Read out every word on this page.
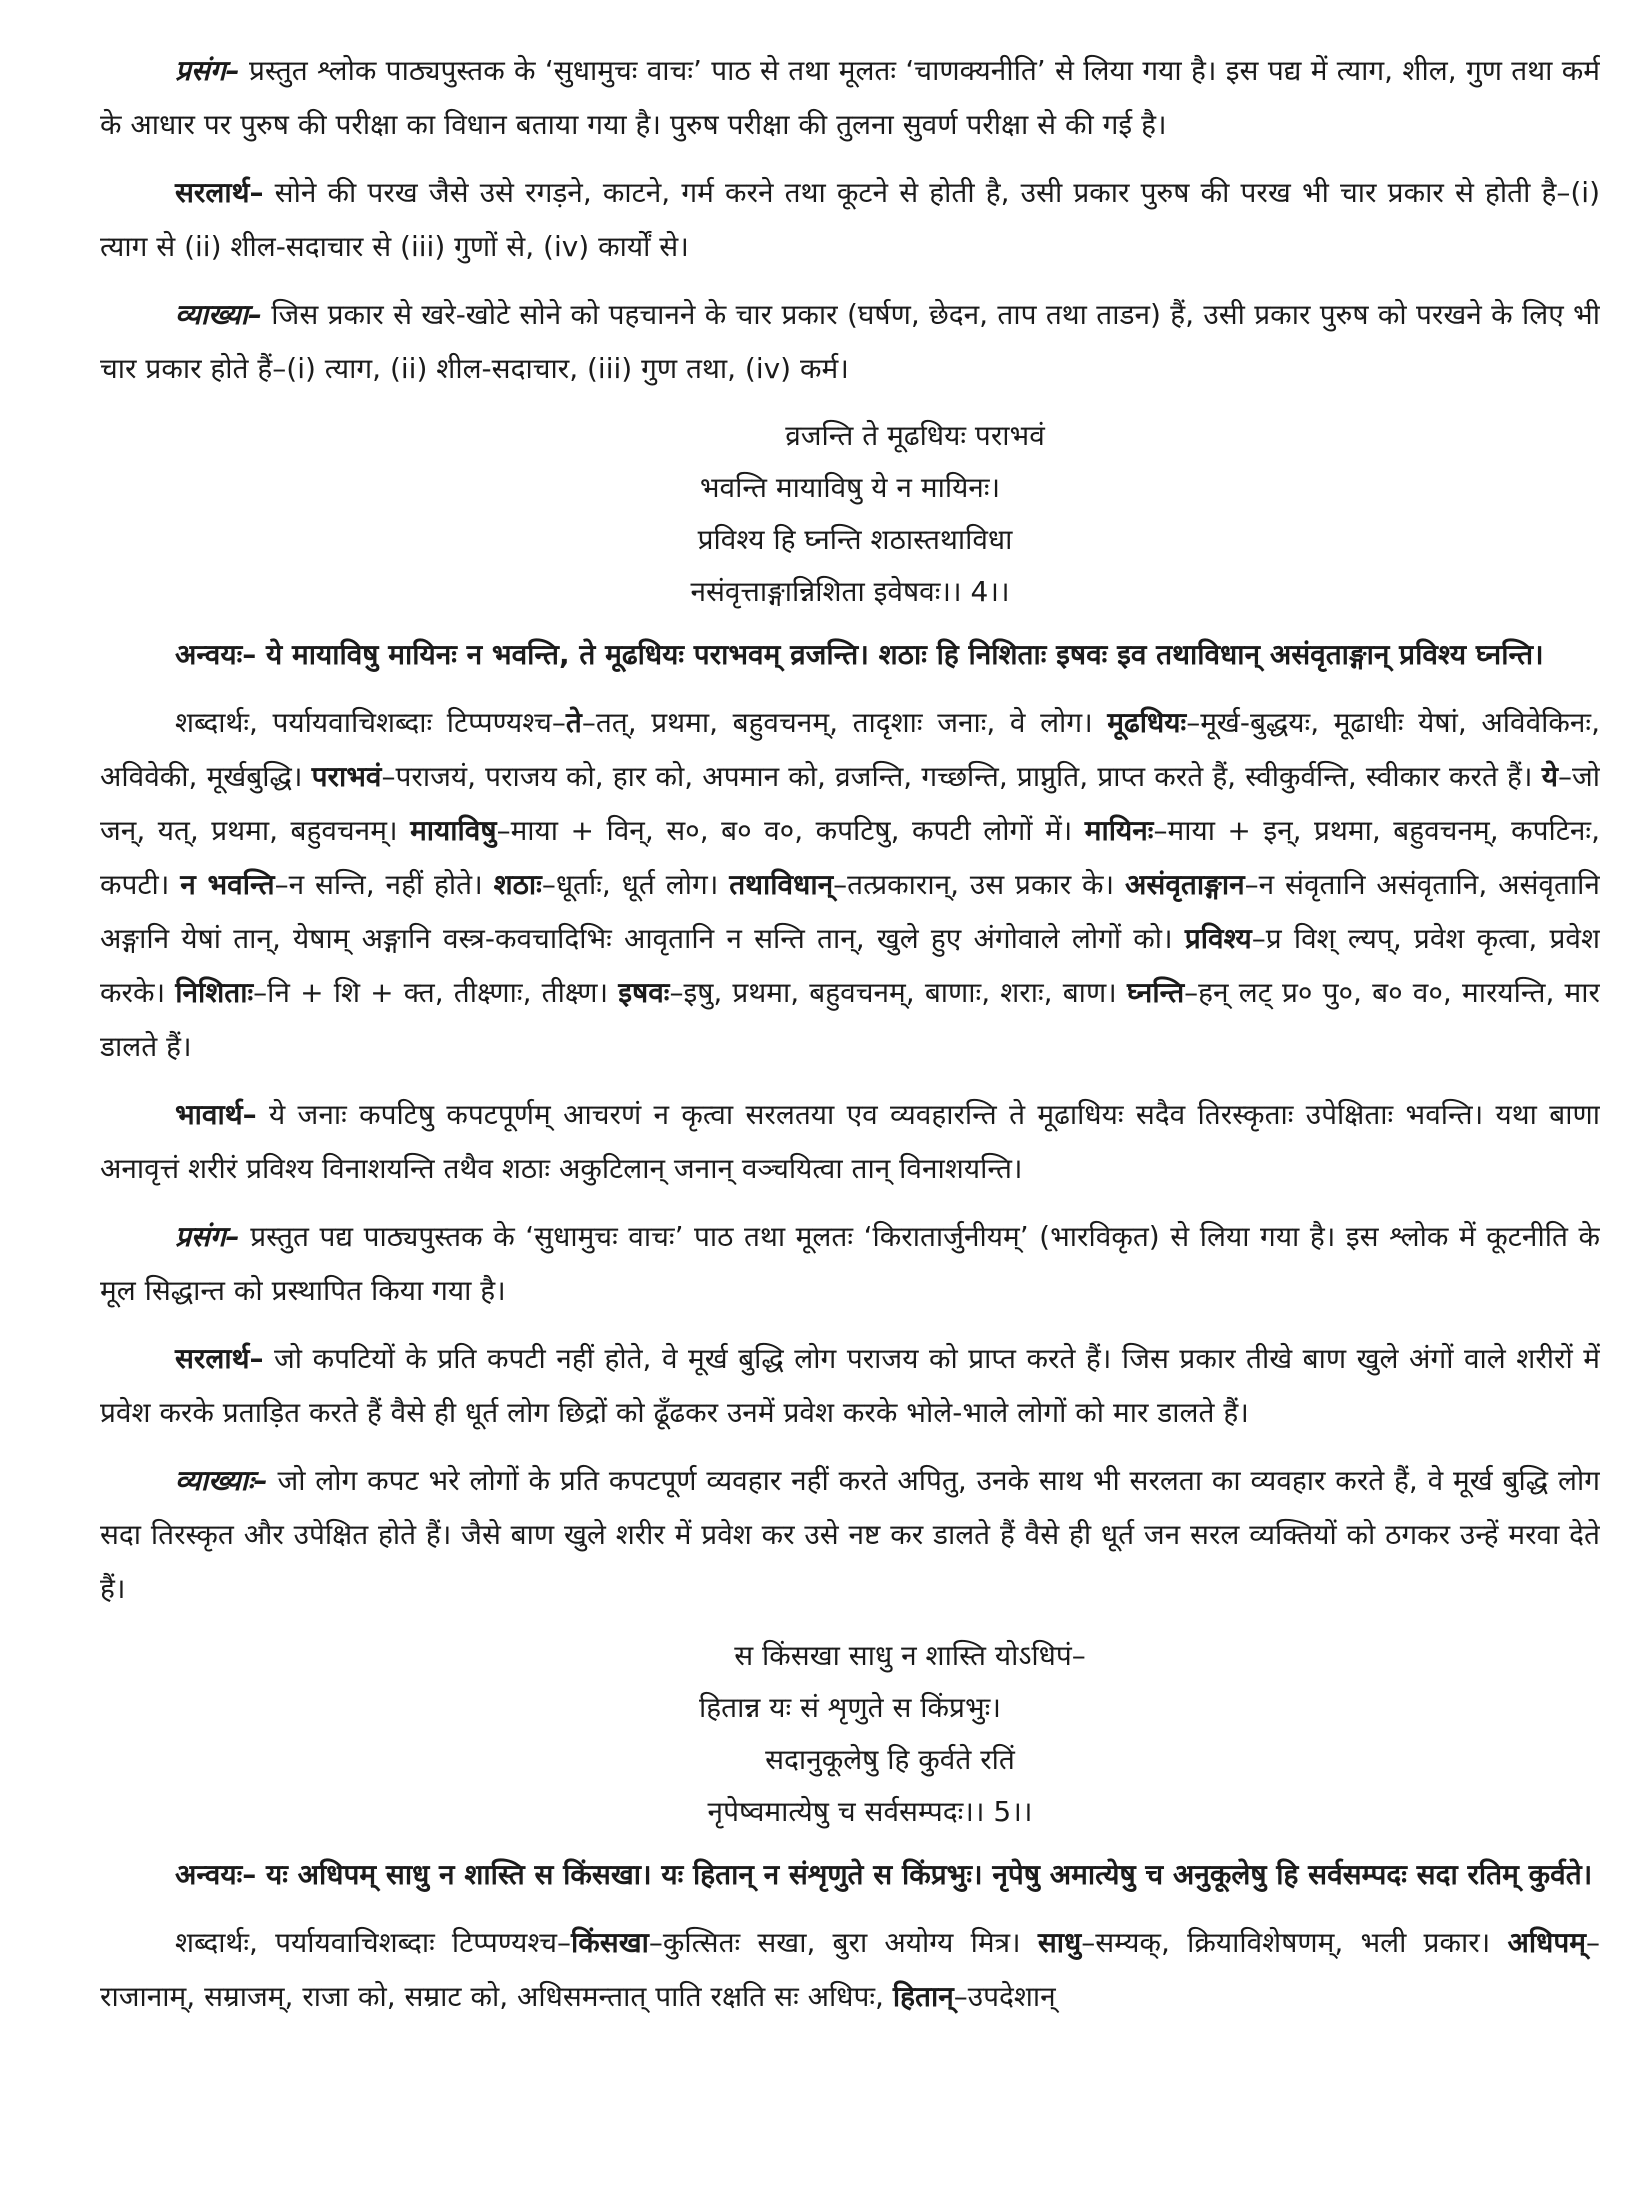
प्रसंग– प्रस्तुत श्लोक पाठ्यपुस्तक के ‘सुधामुचः वाचः’ पाठ से तथा मूलतः ‘चाणक्यनीति’ से लिया गया है। इस पद्य में त्याग, शील, गुण तथा कर्म के आधार पर पुरुष की परीक्षा का विधान बताया गया है। पुरुष परीक्षा की तुलना सुवर्ण परीक्षा से की गई है।

सरलार्थ– सोने की परख जैसे उसे रगड़ने, काटने, गर्म करने तथा कूटने से होती है, उसी प्रकार पुरुष की परख भी चार प्रकार से होती है–(i) त्याग से (ii) शील-सदाचार से (iii) गुणों से, (iv) कार्यों से।

व्याख्या– जिस प्रकार से खरे-खोटे सोने को पहचानने के चार प्रकार (घर्षण, छेदन, ताप तथा ताडन) हैं, उसी प्रकार पुरुष को परखने के लिए भी चार प्रकार होते हैं–(i) त्याग, (ii) शील-सदाचार, (iii) गुण तथा, (iv) कर्म।

व्रजन्ति ते मूढधियः पराभवं
भवन्ति मायाविषु ये न मायिनः।
प्रविश्य हि घ्नन्ति शठास्तथाविधा
नसंवृत्ताङ्गान्निशिता इवेषवः।। 4।।

अन्वयः– ये मायाविषु मायिनः न भवन्ति, ते मूढधियः पराभवम् व्रजन्ति। शठाः हि निशिताः इषवः इव तथाविधान् असंवृताङ्गान् प्रविश्य घ्नन्ति।

शब्दार्थः, पर्यायवाचिशब्दाः टिप्पण्यश्च–ते–तत्, प्रथमा, बहुवचनम्, तादृशाः जनाः, वे लोग। मूढधियः–मूर्ख-बुद्धयः, मूढाधीः येषां, अविवेकिनः, अविवेकी, मूर्खबुद्धि। पराभवं–पराजयं, पराजय को, हार को, अपमान को, व्रजन्ति, गच्छन्ति, प्राप्नुति, प्राप्त करते हैं, स्वीकुर्वन्ति, स्वीकार करते हैं। ये–जो जन्, यत्, प्रथमा, बहुवचनम्। मायाविषु–माया + विन्, स०, ब० व०, कपटिषु, कपटी लोगों में। मायिनः–माया + इन्, प्रथमा, बहुवचनम्, कपटिनः, कपटी। न भवन्ति–न सन्ति, नहीं होते। शठाः–धूर्ताः, धूर्त लोग। तथाविधान्–तत्प्रकारान्, उस प्रकार के। असंवृताङ्गान–न संवृतानि असंवृतानि, असंवृतानि अङ्गानि येषां तान्, येषाम् अङ्गानि वस्त्र-कवचादिभिः आवृतानि न सन्ति तान्, खुले हुए अंगोवाले लोगों को। प्रविश्य–प्र विश् ल्यप्, प्रवेश कृत्वा, प्रवेश करके। निशिताः–नि + शि + क्त, तीक्ष्णाः, तीक्ष्ण। इषवः–इषु, प्रथमा, बहुवचनम्, बाणाः, शराः, बाण। घ्नन्ति–हन् लट् प्र० पु०, ब० व०, मारयन्ति, मार डालते हैं।

भावार्थ– ये जनाः कपटिषु कपटपूर्णम् आचरणं न कृत्वा सरलतया एव व्यवहारन्ति ते मूढाधियः सदैव तिरस्कृताः उपेक्षिताः भवन्ति। यथा बाणा अनावृत्तं शरीरं प्रविश्य विनाशयन्ति तथैव शठाः अकुटिलान् जनान् वञ्चयित्वा तान् विनाशयन्ति।

प्रसंग– प्रस्तुत पद्य पाठ्यपुस्तक के ‘सुधामुचः वाचः’ पाठ तथा मूलतः ‘किरातार्जुनीयम्’ (भारविकृत) से लिया गया है। इस श्लोक में कूटनीति के मूल सिद्धान्त को प्रस्थापित किया गया है।

सरलार्थ– जो कपटियों के प्रति कपटी नहीं होते, वे मूर्ख बुद्धि लोग पराजय को प्राप्त करते हैं। जिस प्रकार तीखे बाण खुले अंगों वाले शरीरों में प्रवेश करके प्रताड़ित करते हैं वैसे ही धूर्त लोग छिद्रों को ढूँढकर उनमें प्रवेश करके भोले-भाले लोगों को मार डालते हैं।

व्याख्याः– जो लोग कपट भरे लोगों के प्रति कपटपूर्ण व्यवहार नहीं करते अपितु, उनके साथ भी सरलता का व्यवहार करते हैं, वे मूर्ख बुद्धि लोग सदा तिरस्कृत और उपेक्षित होते हैं। जैसे बाण खुले शरीर में प्रवेश कर उसे नष्ट कर डालते हैं वैसे ही धूर्त जन सरल व्यक्तियों को ठगकर उन्हें मरवा देते हैं।

स किंसखा साधु न शास्ति योऽधिपं–
हितान्न यः सं शृणुते स किंप्रभुः।
सदानुकूलेषु हि कुर्वते रतिं
नृपेष्वमात्येषु च सर्वसम्पदः।। 5।।

अन्वयः– यः अधिपम् साधु न शास्ति स किंसखा। यः हितान् न संशृणुते स किंप्रभुः। नृपेषु अमात्येषु च अनुकूलेषु हि सर्वसम्पदः सदा रतिम् कुर्वते।

शब्दार्थः, पर्यायवाचिशब्दाः टिप्पण्यश्च–किंसखा–कुत्सितः सखा, बुरा अयोग्य मित्र। साधु–सम्यक्, क्रियाविशेषणम्, भली प्रकार। अधिपम्–राजानाम्, सम्राजम्, राजा को, सम्राट को, अधिसमन्तात् पाति रक्षति सः अधिपः, हितान्–उपदेशान्
